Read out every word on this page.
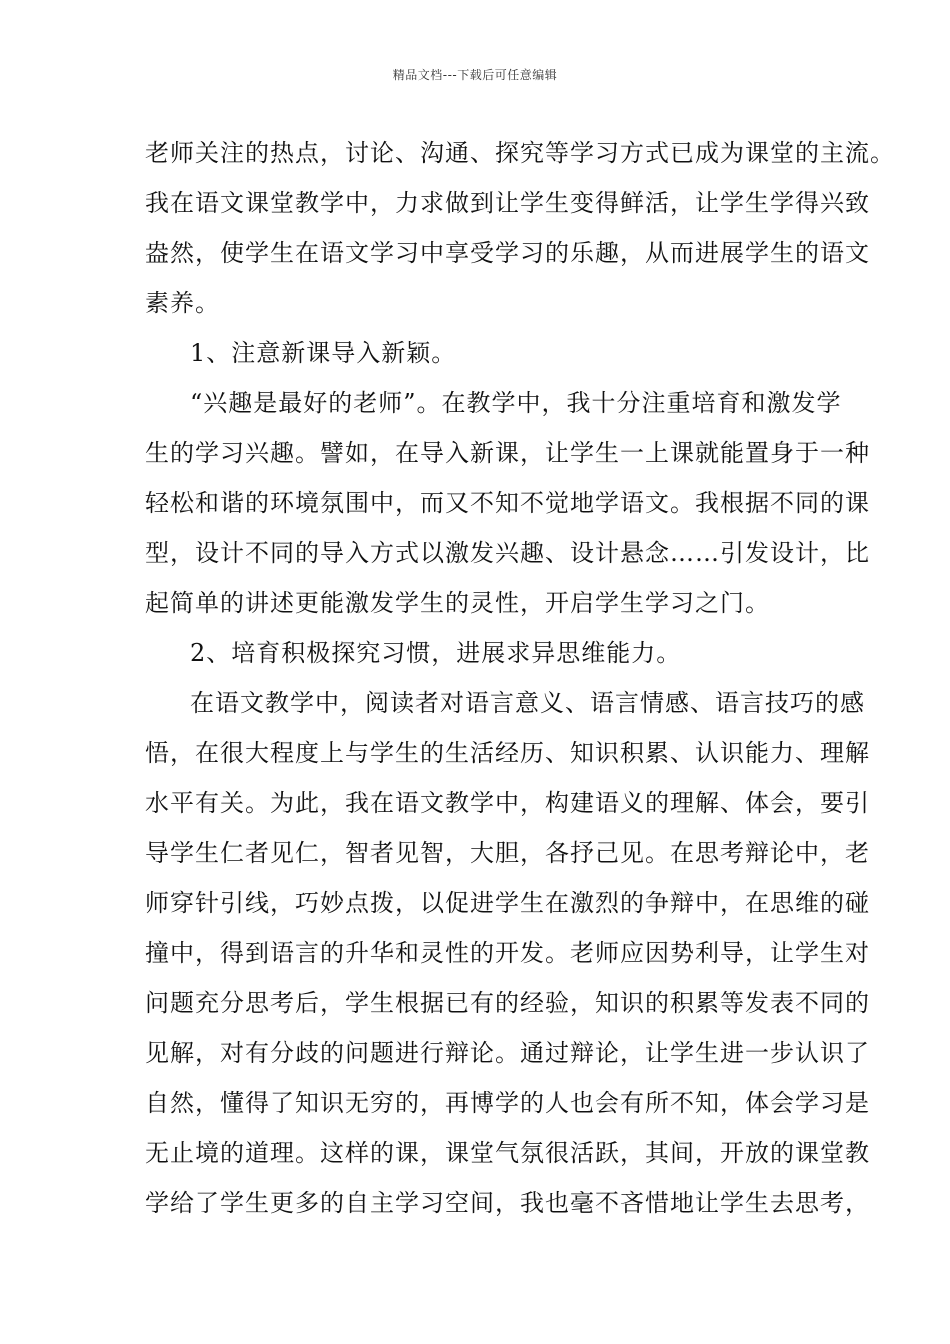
精品文档---下载后可任意编辑
老师关注的热点，讨论、沟通、探究等学习方式已成为课堂的主流。
我在语文课堂教学中，力求做到让学生变得鲜活，让学生学得兴致
盎然，使学生在语文学习中享受学习的乐趣，从而进展学生的语文
素养。
1、注意新课导入新颖。
“兴趣是最好的老师”。在教学中，我十分注重培育和激发学
生的学习兴趣。譬如，在导入新课，让学生一上课就能置身于一种
轻松和谐的环境氛围中，而又不知不觉地学语文。我根据不同的课
型，设计不同的导入方式以激发兴趣、设计悬念……引发设计，比
起简单的讲述更能激发学生的灵性，开启学生学习之门。
2、培育积极探究习惯，进展求异思维能力。
在语文教学中，阅读者对语言意义、语言情感、语言技巧的感
悟，在很大程度上与学生的生活经历、知识积累、认识能力、理解
水平有关。为此，我在语文教学中，构建语义的理解、体会，要引
导学生仁者见仁，智者见智，大胆，各抒己见。在思考辩论中，老
师穿针引线，巧妙点拨，以促进学生在激烈的争辩中，在思维的碰
撞中，得到语言的升华和灵性的开发。老师应因势利导，让学生对
问题充分思考后，学生根据已有的经验，知识的积累等发表不同的
见解，对有分歧的问题进行辩论。通过辩论，让学生进一步认识了
自然，懂得了知识无穷的，再博学的人也会有所不知，体会学习是
无止境的道理。这样的课，课堂气氛很活跃，其间，开放的课堂教
学给了学生更多的自主学习空间，我也毫不吝惜地让学生去思考，
